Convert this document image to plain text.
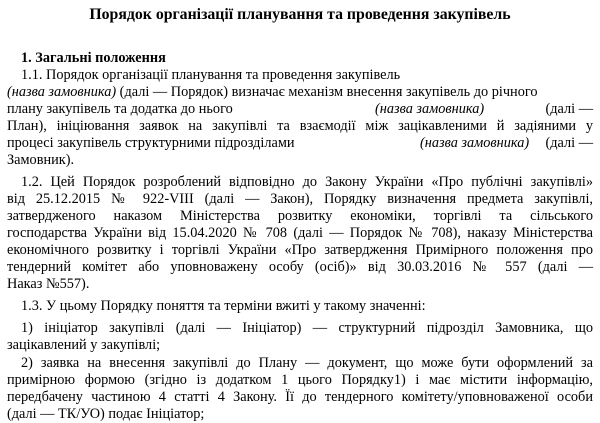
Порядок організації планування та проведення закупівель
1. Загальні положення
1.1. Порядок організації планування та проведення закупівель
(назва замовника) (далі — Порядок) визначає механізм внесення закупівель до річного
плану закупівель та додатка до нього	(назва замовника)	(далі —
План), ініціювання заявок на закупівлі та взаємодії між зацікавленими й задіяними у
процесі закупівель структурними підрозділами	(назва замовника) (далі —
Замовник).
1.2. Цей Порядок розроблений відповідно до Закону України «Про публічні закупівлі»
від 25.12.2015 № 922-VIII (далі — Закон), Порядку визначення предмета закупівлі,
затвердженого наказом Міністерства розвитку економіки, торгівлі та сільського
господарства України від 15.04.2020 № 708 (далі — Порядок № 708), наказу Міністерства
економічного розвитку і торгівлі України «Про затвердження Примірного положення про
тендерний комітет або уповноважену особу (осіб)» від 30.03.2016 № 557 (далі —
Наказ №557).
1.3. У цьому Порядку поняття та терміни вжиті у такому значенні:
1) ініціатор закупівлі (далі — Ініціатор) — структурний підрозділ Замовника, що
зацікавлений у закупівлі;
2) заявка на внесення закупівлі до Плану — документ, що може бути оформлений за
примірною формою (згідно із додатком 1 цього Порядку1) і має містити інформацію,
передбачену частиною 4 статті 4 Закону. Її до тендерного комітету/уповноваженої особи
(далі — ТК/УО) подає Ініціатор;
